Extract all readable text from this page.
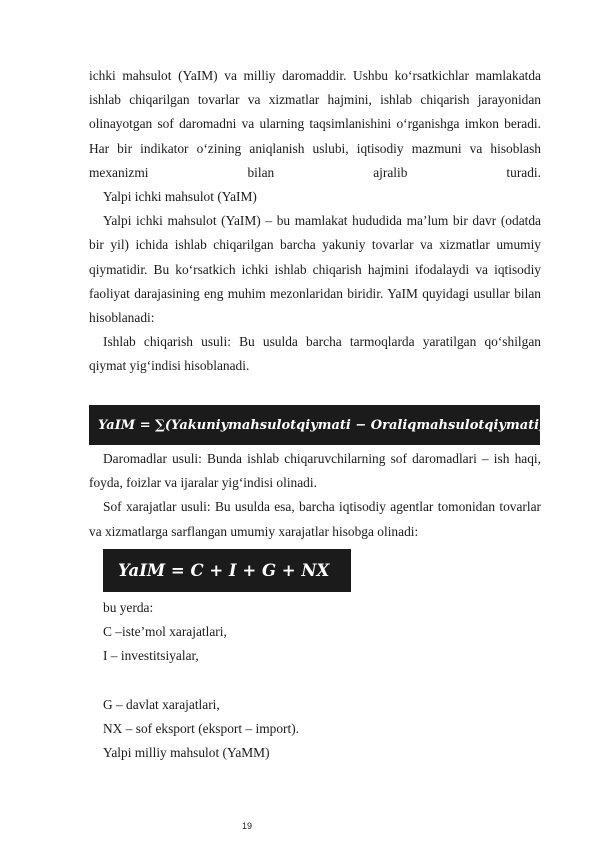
ichki mahsulot (YaIM) va milliy daromaddir. Ushbu ko‘rsatkichlar mamlakatda ishlab chiqarilgan tovarlar va xizmatlar hajmini, ishlab chiqarish jarayonidan olinayotgan sof daromadni va ularning taqsimlanishini o‘rganishga imkon beradi. Har bir indikator o‘zining aniqlanish uslubi, iqtisodiy mazmuni va hisoblash mexanizmi bilan ajralib turadi.

Yalpi ichki mahsulot (YaIM)

Yalpi ichki mahsulot (YaIM) – bu mamlakat hududida ma’lum bir davr (odatda bir yil) ichida ishlab chiqarilgan barcha yakuniy tovarlar va xizmatlar umumiy qiymatidir. Bu ko‘rsatkich ichki ishlab chiqarish hajmini ifodalaydi va iqtisodiy faoliyat darajasining eng muhim mezonlaridan biridir. YaIM quyidagi usullar bilan hisoblanadi:

Ishlab chiqarish usuli: Bu usulda barcha tarmoqlarda yaratilgan qo‘shilgan qiymat yig‘indisi hisoblanadi.

YaIM = ∑(Yakuniymahsulotqiymati − Oraliqmahsulotqiymati)

Daromadlar usuli: Bunda ishlab chiqaruvchilarning sof daromadlari – ish haqi, foyda, foizlar va ijaralar yig‘indisi olinadi.

Sof xarajatlar usuli: Bu usulda esa, barcha iqtisodiy agentlar tomonidan tovarlar va xizmatlarga sarflangan umumiy xarajatlar hisobga olinadi:

YaIM = C + I + G + NX

bu yerda:

C –iste’mol xarajatlari,

I – investitsiyalar,

G – davlat xarajatlari,

NX – sof eksport (eksport – import).

Yalpi milliy mahsulot (YaMM)

19
